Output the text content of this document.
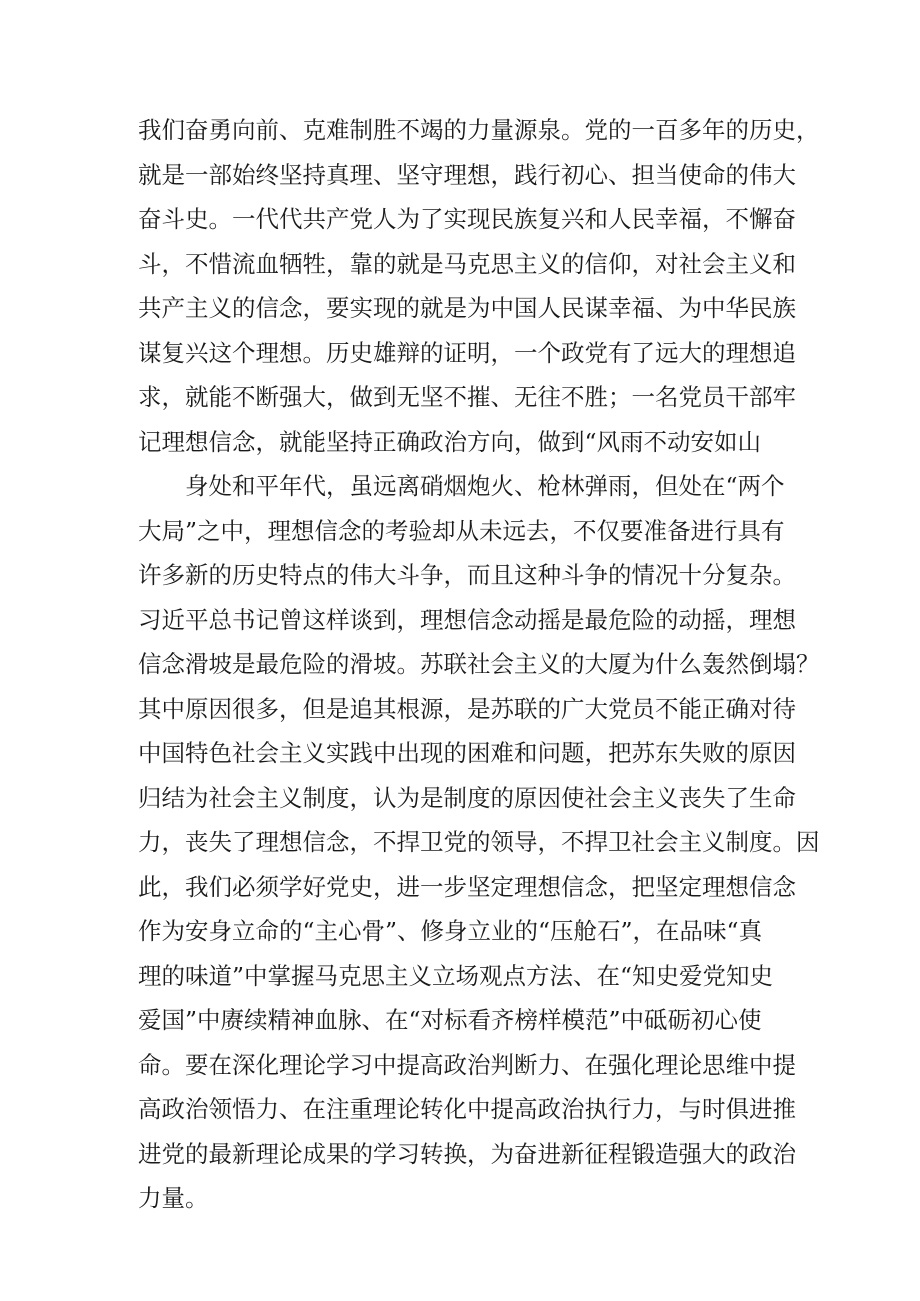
我们奋勇向前、克难制胜不竭的力量源泉。党的一百多年的历史，
就是一部始终坚持真理、坚守理想，践行初心、担当使命的伟大
奋斗史。一代代共产党人为了实现民族复兴和人民幸福，不懈奋
斗，不惜流血牺牲，靠的就是马克思主义的信仰，对社会主义和
共产主义的信念，要实现的就是为中国人民谋幸福、为中华民族
谋复兴这个理想。历史雄辩的证明，一个政党有了远大的理想追
求，就能不断强大，做到无坚不摧、无往不胜；一名党员干部牢
记理想信念，就能坚持正确政治方向，做到“风雨不动安如山
身处和平年代，虽远离硝烟炮火、枪林弹雨，但处在“两个
大局”之中，理想信念的考验却从未远去，不仅要准备进行具有
许多新的历史特点的伟大斗争，而且这种斗争的情况十分复杂。
习近平总书记曾这样谈到，理想信念动摇是最危险的动摇，理想
信念滑坡是最危险的滑坡。苏联社会主义的大厦为什么轰然倒塌？
其中原因很多，但是追其根源，是苏联的广大党员不能正确对待
中国特色社会主义实践中出现的困难和问题，把苏东失败的原因
归结为社会主义制度，认为是制度的原因使社会主义丧失了生命
力，丧失了理想信念，不捍卫党的领导，不捍卫社会主义制度。因
此，我们必须学好党史，进一步坚定理想信念，把坚定理想信念
作为安身立命的“主心骨”、修身立业的“压舱石”，在品味“真
理的味道”中掌握马克思主义立场观点方法、在“知史爱党知史
爱国”中赓续精神血脉、在“对标看齐榜样模范”中砥砺初心使
命。要在深化理论学习中提高政治判断力、在强化理论思维中提
高政治领悟力、在注重理论转化中提高政治执行力，与时俱进推
进党的最新理论成果的学习转换，为奋进新征程锻造强大的政治
力量。
